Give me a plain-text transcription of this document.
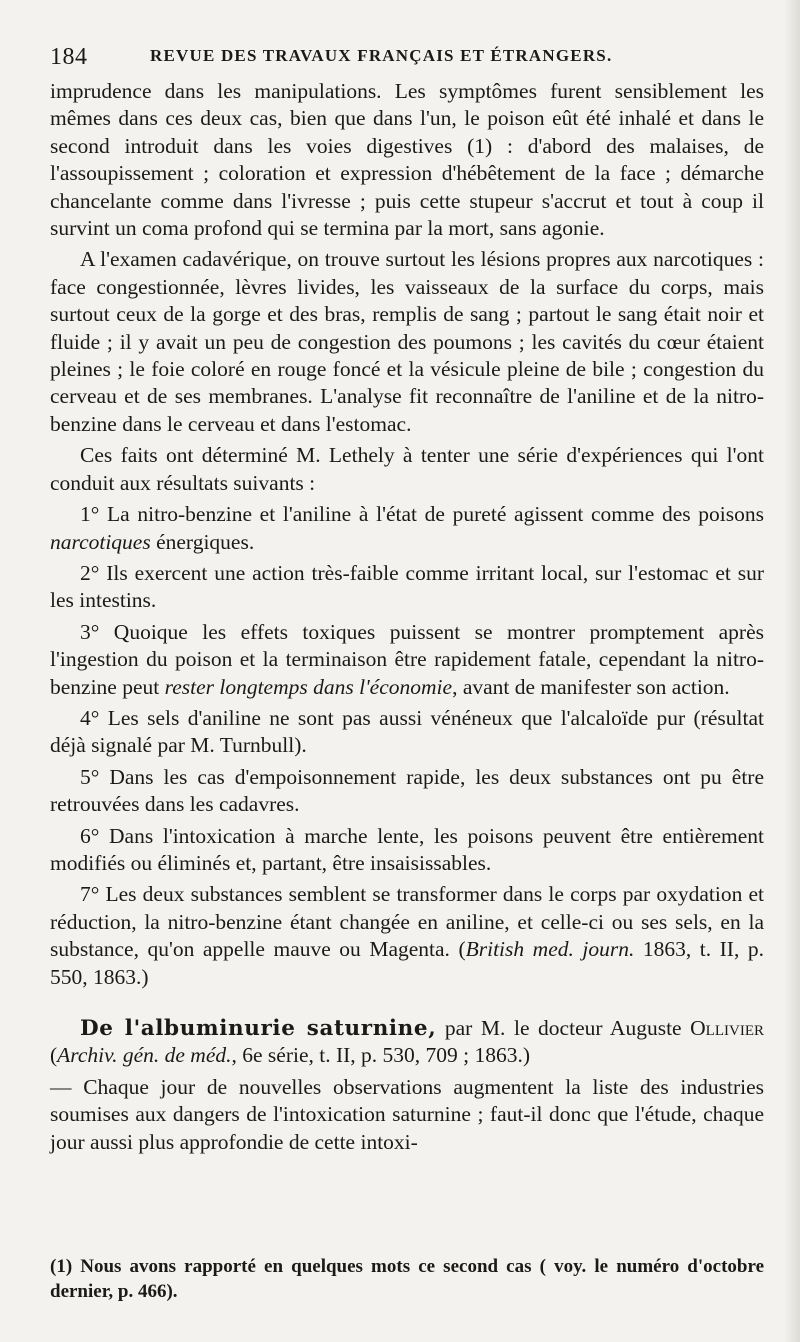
184	REVUE DES TRAVAUX FRANÇAIS ET ÉTRANGERS.

imprudence dans les manipulations. Les symptômes furent sensiblement les mêmes dans ces deux cas, bien que dans l'un, le poison eût été inhalé et dans le second introduit dans les voies digestives (1) : d'abord des malaises, de l'assoupissement ; coloration et expression d'hébêtement de la face ; démarche chancelante comme dans l'ivresse ; puis cette stupeur s'accrut et tout à coup il survint un coma profond qui se termina par la mort, sans agonie.

A l'examen cadavérique, on trouve surtout les lésions propres aux narcotiques : face congestionnée, lèvres livides, les vaisseaux de la surface du corps, mais surtout ceux de la gorge et des bras, remplis de sang ; partout le sang était noir et fluide ; il y avait un peu de congestion des poumons ; les cavités du cœur étaient pleines ; le foie coloré en rouge foncé et la vésicule pleine de bile ; congestion du cerveau et de ses membranes. L'analyse fit reconnaître de l'aniline et de la nitro-benzine dans le cerveau et dans l'estomac.

Ces faits ont déterminé M. Lethely à tenter une série d'expériences qui l'ont conduit aux résultats suivants :

1° La nitro-benzine et l'aniline à l'état de pureté agissent comme des poisons narcotiques énergiques.

2° Ils exercent une action très-faible comme irritant local, sur l'estomac et sur les intestins.

3° Quoique les effets toxiques puissent se montrer promptement après l'ingestion du poison et la terminaison être rapidement fatale, cependant la nitro-benzine peut rester longtemps dans l'économie, avant de manifester son action.

4° Les sels d'aniline ne sont pas aussi vénéneux que l'alcaloïde pur (résultat déjà signalé par M. Turnbull).

5° Dans les cas d'empoisonnement rapide, les deux substances ont pu être retrouvées dans les cadavres.

6° Dans l'intoxication à marche lente, les poisons peuvent être entièrement modifiés ou éliminés et, partant, être insaisissables.

7° Les deux substances semblent se transformer dans le corps par oxydation et réduction, la nitro-benzine étant changée en aniline, et celle-ci ou ses sels, en la substance, qu'on appelle mauve ou Magenta. (British med. journ. 1863, t. II, p. 550, 1863.)

De l'albuminurie saturnine, par M. le docteur Auguste Ollivier (Archiv. gén. de méd., 6e série, t. II, p. 530, 709 ; 1863.)

— Chaque jour de nouvelles observations augmentent la liste des industries soumises aux dangers de l'intoxication saturnine ; faut-il donc que l'étude, chaque jour aussi plus approfondie de cette intoxi-

(1) Nous avons rapporté en quelques mots ce second cas ( voy. le numéro d'octobre dernier, p. 466).
